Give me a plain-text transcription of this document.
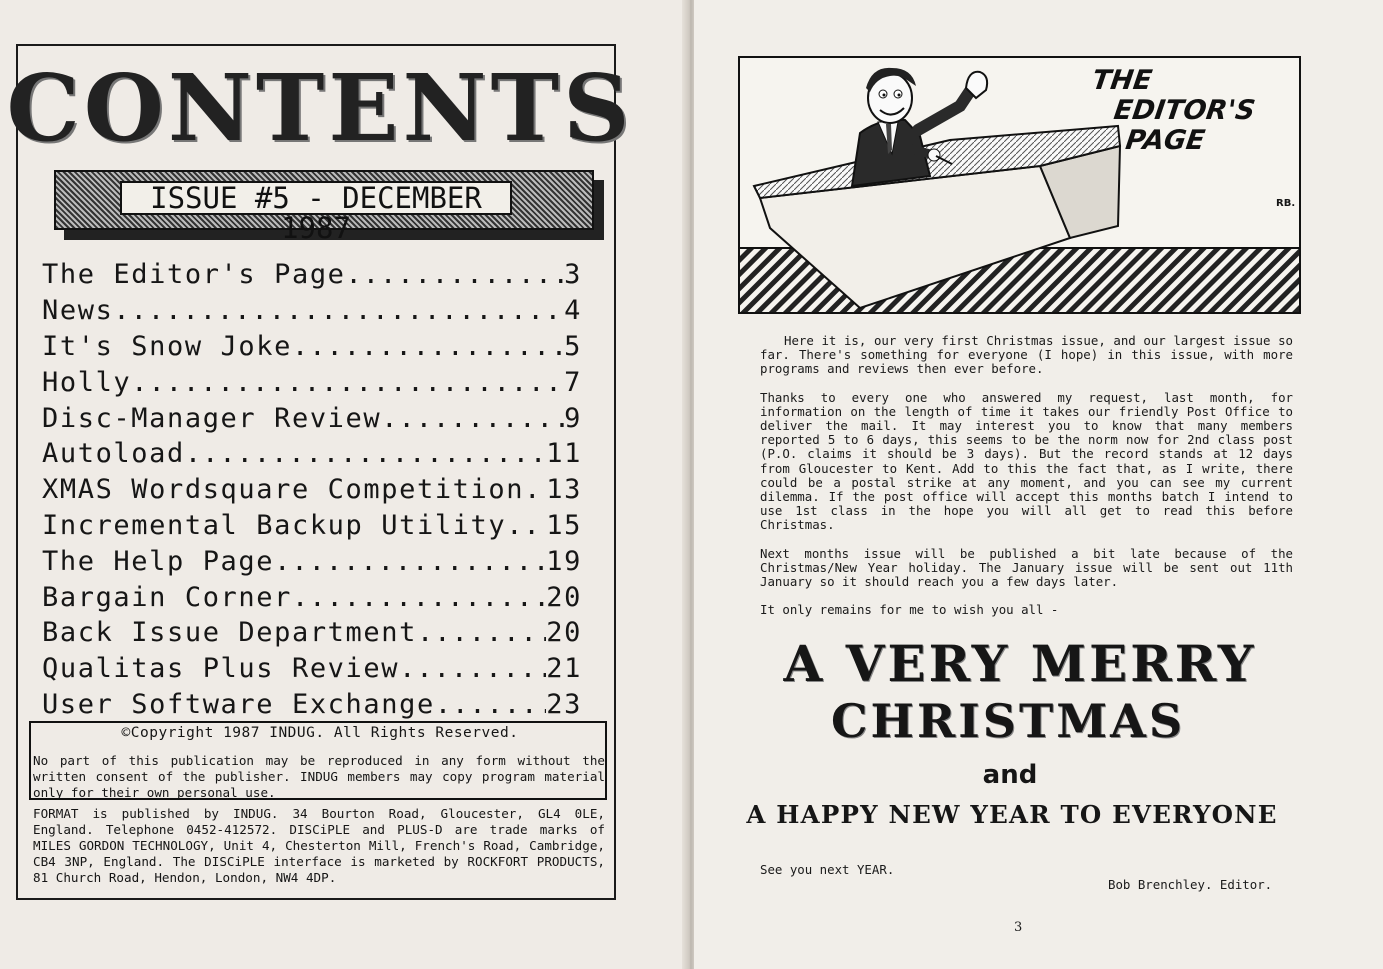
CONTENTS
ISSUE #5 - DECEMBER 1987
The Editor's Page .....	3
News .....	4
It's Snow Joke .....	5
Holly .....	7
Disc-Manager Review .....	9
Autoload .....	11
XMAS Wordsquare Competition ..... 13
Incremental Backup Utility ..... 15
The Help Page .....	19
Bargain Corner .....	20
Back Issue Department .....	20
Qualitas Plus Review .....	21
User Software Exchange .....	23
©Copyright 1987 INDUG. All Rights Reserved.

No part of this publication may be reproduced in any form without the written consent of the publisher. INDUG members may copy program material only for their own personal use.

FORMAT is published by INDUG. 34 Bourton Road, Gloucester, GL4 0LE, England. Telephone 0452-412572. DISCiPLE and PLUS-D are trade marks of MILES GORDON TECHNOLOGY, Unit 4, Chesterton Mill, French's Road, Cambridge, CB4 3NP, England. The DISCiPLE interface is marketed by ROCKFORT PRODUCTS, 81 Church Road, Hendon, London, NW4 4DP.

THE
EDITOR'S
PAGE
RB.

Here it is, our very first Christmas issue, and our largest issue so far. There's something for everyone (I hope) in this issue, with more programs and reviews then ever before.

Thanks to every one who answered my request, last month, for information on the length of time it takes our friendly Post Office to deliver the mail. It may interest you to know that many members reported 5 to 6 days, this seems to be the norm now for 2nd class post (P.O. claims it should be 3 days). But the record stands at 12 days from Gloucester to Kent. Add to this the fact that, as I write, there could be a postal strike at any moment, and you can see my current dilemma. If the post office will accept this months batch I intend to use 1st class in the hope you will all get to read this before Christmas.

Next months issue will be published a bit late because of the Christmas/New Year holiday. The January issue will be sent out 11th January so it should reach you a few days later.

It only remains for me to wish you all -

A VERY MERRY
CHRISTMAS
and
A HAPPY NEW YEAR TO EVERYONE
See you next YEAR.
Bob Brenchley. Editor.
3
